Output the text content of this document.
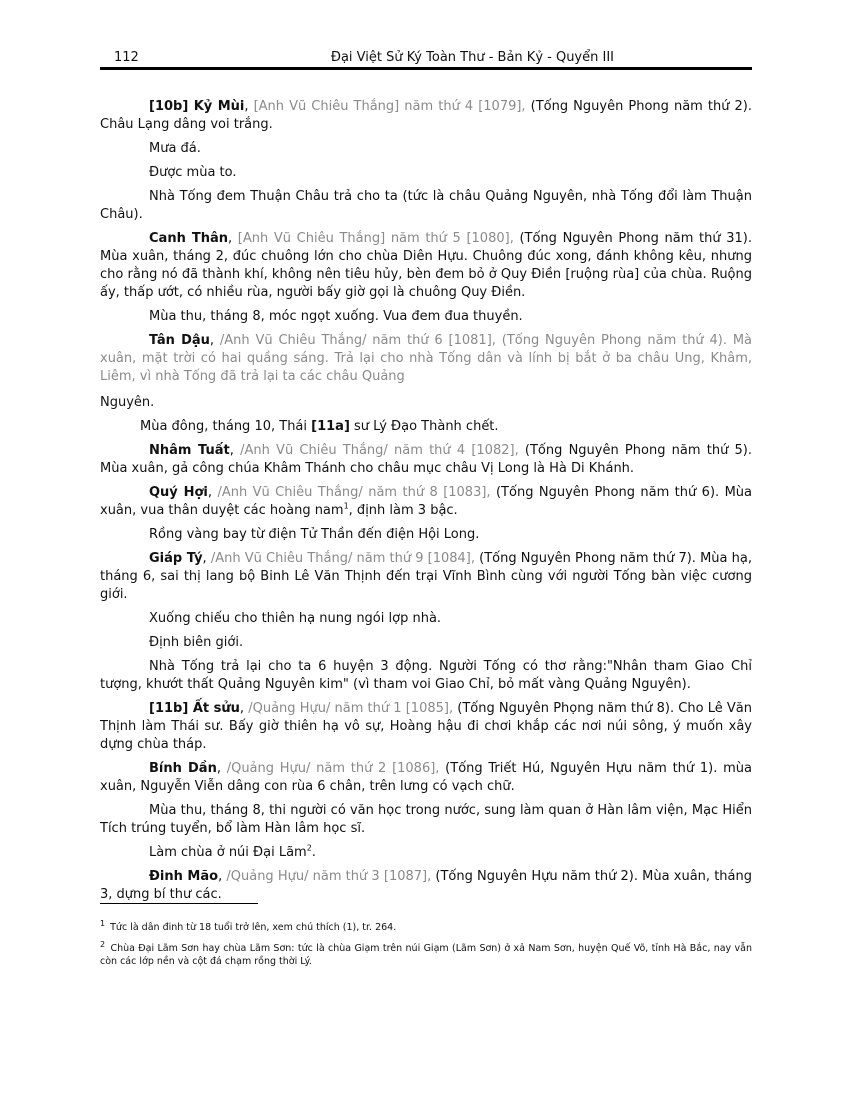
112	Đại Việt Sử Ký Toàn Thư - Bản Kỷ - Quyển III

[10b] Kỷ Mùi, [Anh Vũ Chiêu Thắng] năm thứ 4 [1079], (Tống Nguyên Phong năm thứ 2). Châu Lạng dâng voi trắng.

Mưa đá.

Được mùa to.

Nhà Tống đem Thuận Châu trả cho ta (tức là châu Quảng Nguyên, nhà Tống đổi làm Thuận Châu).

Canh Thân, [Anh Vũ Chiêu Thắng] năm thứ 5 [1080], (Tống Nguyên Phong năm thứ 31). Mùa xuân, tháng 2, đúc chuông lớn cho chùa Diên Hựu. Chuông đúc xong, đánh không kêu, nhưng cho rằng nó đã thành khí, không nên tiêu hủy, bèn đem bỏ ở Quy Điền [ruộng rùa] của chùa. Ruộng ấy, thấp ướt, có nhiều rùa, người bấy giờ gọi là chuông Quy Điền.

Mùa thu, tháng 8, móc ngọt xuống. Vua đem đua thuyền.

Tân Dậu, /Anh Vũ Chiêu Thắng/ năm thứ 6 [1081], (Tống Nguyên Phong năm thứ 4). Mà xuân, mặt trời có hai quầng sáng. Trả lại cho nhà Tống dân và lính bị bắt ở ba châu Ung, Khâm, Liêm, vì nhà Tống đã trả lại ta các châu Quảng

Nguyên.

Mùa đông, tháng 10, Thái [11a] sư Lý Đạo Thành chết.

Nhâm Tuất, /Anh Vũ Chiêu Thắng/ năm thứ 4 [1082], (Tống Nguyên Phong năm thứ 5). Mùa xuân, gả công chúa Khâm Thánh cho châu mục châu Vị Long là Hà Di Khánh.

Quý Hợi, /Anh Vũ Chiêu Thắng/ năm thứ 8 [1083], (Tống Nguyên Phong năm thứ 6). Mùa xuân, vua thân duyệt các hoàng nam$^1$, định làm 3 bậc.

Rồng vàng bay từ điện Tử Thần đến điện Hội Long.

Giáp Tý, /Anh Vũ Chiêu Thắng/ năm thứ 9 [1084], (Tống Nguyên Phong năm thứ 7). Mùa hạ, tháng 6, sai thị lang bộ Binh Lê Văn Thịnh đến trại Vĩnh Bình cùng với người Tống bàn việc cương giới.

Xuống chiếu cho thiên hạ nung ngói lợp nhà.

Định biên giới.

Nhà Tống trả lại cho ta 6 huyện 3 động. Người Tống có thơ rằng:"Nhân tham Giao Chỉ tượng, khướt thất Quảng Nguyên kim" (vì tham voi Giao Chỉ, bỏ mất vàng Quảng Nguyên).

[11b] Ất sửu, /Quảng Hựu/ năm thứ 1 [1085], (Tống Nguyên Phọng năm thứ 8). Cho Lê Văn Thịnh làm Thái sư. Bấy giờ thiên hạ vô sự, Hoàng hậu đi chơi khắp các nơi núi sông, ý muốn xây dựng chùa tháp.

Bính Dần, /Quảng Hựu/ năm thứ 2 [1086], (Tống Triết Hú, Nguyên Hựu năm thứ 1). mùa xuân, Nguyễn Viễn dâng con rùa 6 chân, trên lưng có vạch chữ.

Mùa thu, tháng 8, thi người có văn học trong nước, sung làm quan ở Hàn lâm viện, Mạc Hiển Tích trúng tuyển, bổ làm Hàn lâm học sĩ.

Làm chùa ở núi Đại Lãm$^2$.

Đinh Mão, /Quảng Hựu/ năm thứ 3 [1087], (Tống Nguyên Hựu năm thứ 2). Mùa xuân, tháng 3, dựng bí thư các.

$^1$ Tức là dân đinh từ 18 tuổi trở lên, xem chú thích (1), tr. 264.

$^2$ Chùa Đại Lãm Sơn hay chùa Lãm Sơn: tức là chùa Giạm trên núi Giạm (Lãm Sơn) ở xả Nam Sơn, huyện Quế Võ, tỉnh Hà Bắc, nay vẫn còn các lớp nền và cột đá chạm rồng thời Lý.
